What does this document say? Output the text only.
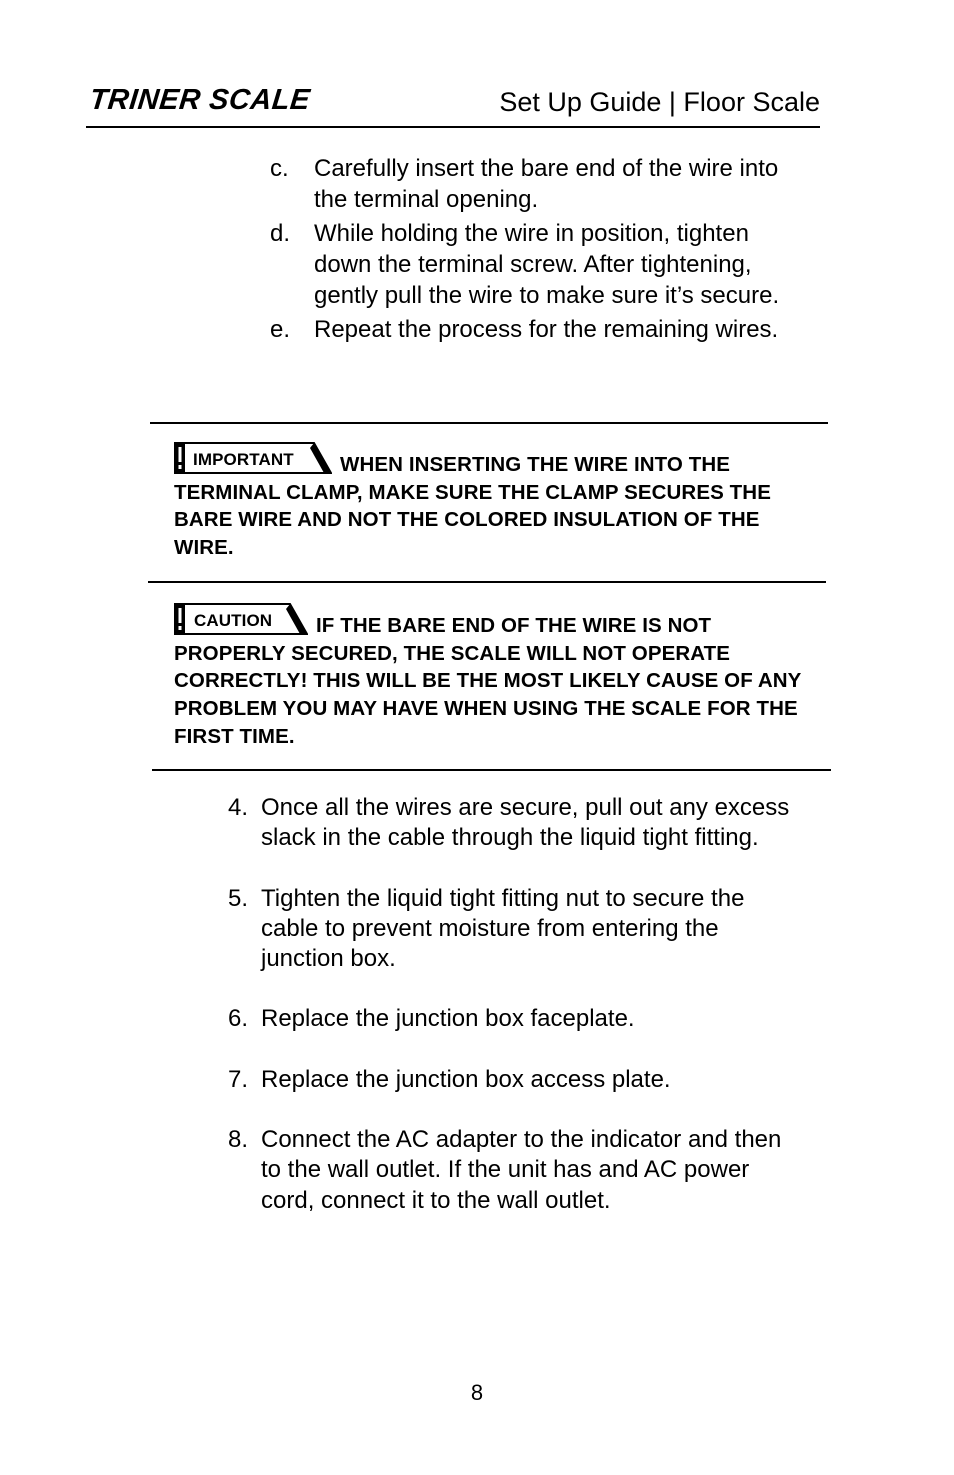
TRINER SCALE	Set Up Guide | Floor Scale
c. Carefully insert the bare end of the wire into the terminal opening.
d. While holding the wire in position, tighten down the terminal screw. After tightening, gently pull the wire to make sure it’s secure.
e. Repeat the process for the remaining wires.
IMPORTANT WHEN INSERTING THE WIRE INTO THE TERMINAL CLAMP, MAKE SURE THE CLAMP SECURES THE BARE WIRE AND NOT THE COLORED INSULATION OF THE WIRE.
CAUTION IF THE BARE END OF THE WIRE IS NOT PROPERLY SECURED, THE SCALE WILL NOT OPERATE CORRECTLY! THIS WILL BE THE MOST LIKELY CAUSE OF ANY PROBLEM YOU MAY HAVE WHEN USING THE SCALE FOR THE FIRST TIME.
4. Once all the wires are secure, pull out any excess slack in the cable through the liquid tight fitting.
5. Tighten the liquid tight fitting nut to secure the cable to prevent moisture from entering the junction box.
6. Replace the junction box faceplate.
7. Replace the junction box access plate.
8. Connect the AC adapter to the indicator and then to the wall outlet. If the unit has and AC power cord, connect it to the wall outlet.
8
